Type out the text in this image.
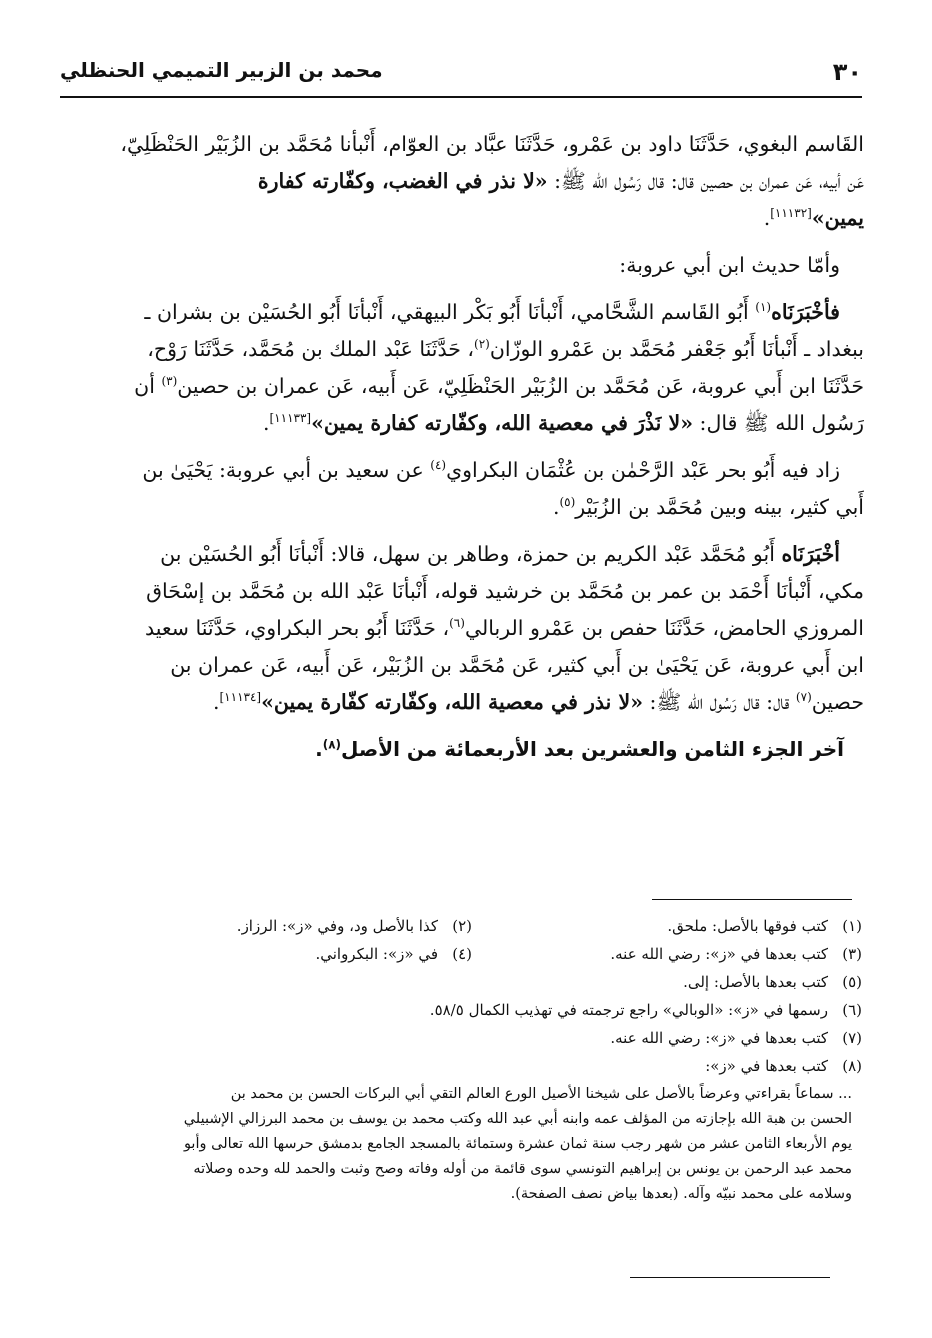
٣٠
محمد بن الزبير التميمي الحنظلي

القَاسم البغوي، حَدَّثَنَا داود بن عَمْرو، حَدَّثَنَا عبَّاد بن العوّام، أَنْبأنا مُحَمَّد بن الزُبَيْر الحَنْظَلِيّ،
عَن أبيه، عَن عمران بن حصين قال: قال رَسُول الله ﷺ: «لا نذر في الغضب، وكفّارته كفارة
يمين»[١١١٣٢].

وأمّا حديث ابن أبي عروبة:

فأخْبَرَنَاه$^{(١)}$ أَبُو القَاسم الشَّحَّامي، أَنْبأنَا أَبُو بَكْر البيهقي، أَنْبأنَا أَبُو الحُسَيْن بن بشران ـ
ببغداد ـ أَنْبأنَا أَبُو جَعْفر مُحَمَّد بن عَمْرو الوزّان$^{(٢)}$، حَدَّثَنَا عَبْد الملك بن مُحَمَّد، حَدَّثَنَا رَوْح،
حَدَّثَنَا ابن أَبي عروبة، عَن مُحَمَّد بن الزُبَيْر الحَنْظَلِيّ، عَن أَبيه، عَن عمران بن حصين$^{(٣)}$ أن
رَسُول الله ﷺ قال: «لا نَذْرَ في معصية الله، وكفّارته كفارة يمين»[١١١٣٣].

زاد فيه أَبُو بحر عَبْد الرَّحْمٰن بن عُثْمَان البكراوي$^{(٤)}$ عن سعيد بن أبي عروبة: يَحْيَىٰ بن
أَبي كثير، بينه وبين مُحَمَّد بن الزُبَيْر$^{(٥)}$.

أخْبَرَنَاه أَبُو مُحَمَّد عَبْد الكريم بن حمزة، وطاهر بن سهل، قالا: أَنْبأنَا أَبُو الحُسَيْن بن
مكي، أَنْبأنَا أَحْمَد بن عمر بن مُحَمَّد بن خرشيد قوله، أَنْبأنَا عَبْد الله بن مُحَمَّد بن إسْحَاق
المروزي الحامض، حَدَّثَنَا حفص بن عَمْرو الربالي$^{(٦)}$، حَدَّثَنَا أَبُو بحر البكراوي، حَدَّثَنَا سعيد
ابن أَبي عروبة، عَن يَحْيَىٰ بن أَبي كثير، عَن مُحَمَّد بن الزُبَيْر، عَن أَبيه، عَن عمران بن
حصين$^{(٧)}$ قال: قال رَسُول الله ﷺ: «لا نذر في معصية الله، وكفّارته كفّارة يمين»[١١١٣٤].

آخر الجزء الثامن والعشرين بعد الأربعمائة من الأصل$^{(٨)}$.
(١)
كتب فوقها بالأصل: ملحق.
(٢)
كذا بالأصل ود، وفي «ز»: الرزاز.
(٣)
كتب بعدها في «ز»: رضي الله عنه.
(٤)
في «ز»: البكرواني.
(٥)
كتب بعدها بالأصل: إلى.
(٦)
رسمها في «ز»: «الوبالي» راجع ترجمته في تهذيب الكمال ٥٨/٥.
(٧)
كتب بعدها في «ز»: رضي الله عنه.
(٨)
كتب بعدها في «ز»:
... سماعاً بقراءتي وعرضاً بالأصل على شيخنا الأصيل الورع العالم التقي أبي البركات الحسن بن محمد بن
الحسن بن هبة الله بإجازته من المؤلف عمه وابنه أبي عبد الله وكتب محمد بن يوسف بن محمد البرزالي الإشبيلي
يوم الأربعاء الثامن عشر من شهر رجب سنة ثمان عشرة وستمائة بالمسجد الجامع بدمشق حرسها الله تعالى وأبو
محمد عبد الرحمن بن يونس بن إبراهيم التونسي سوى قائمة من أوله وفاته وصح وثبت والحمد لله وحده وصلاته
وسلامه على محمد نبيّه وآله. (بعدها بياض نصف الصفحة).
